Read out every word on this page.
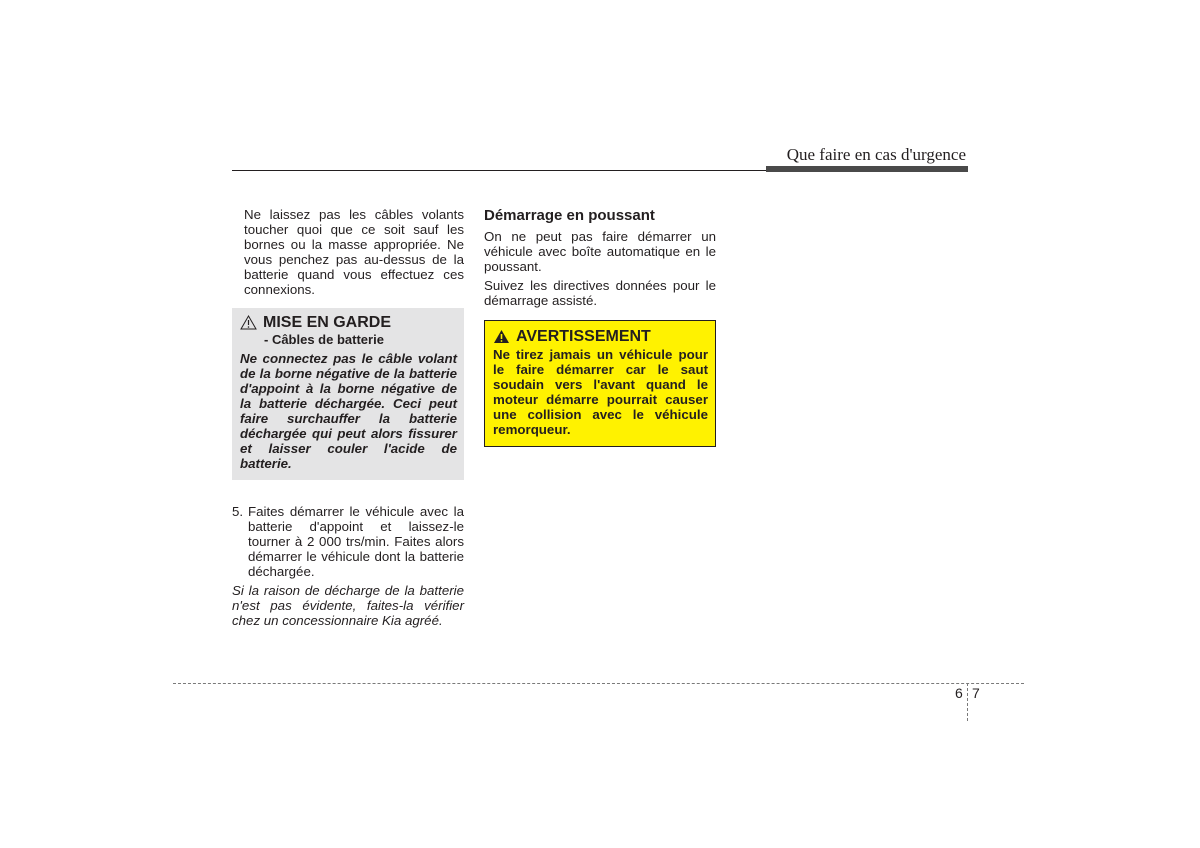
Que faire en cas d'urgence

Ne laissez pas les câbles volants toucher quoi que ce soit sauf les bornes ou la masse appropriée. Ne vous penchez pas au-dessus de la batterie quand vous effectuez ces connexions.

MISE EN GARDE
- Câbles de batterie

Ne connectez pas le câble volant de la borne négative de la batterie d'appoint à la borne négative de la batterie déchargée. Ceci peut faire surchauffer la batterie déchargée qui peut alors fissurer et laisser couler l'acide de batterie.

5. Faites démarrer le véhicule avec la batterie d'appoint et laissez-le tourner à 2 000 trs/min. Faites alors démarrer le véhicule dont la batterie déchargée.

Si la raison de décharge de la batterie n'est pas évidente, faites-la vérifier chez un concessionnaire Kia agréé.

Démarrage en poussant

On ne peut pas faire démarrer un véhicule avec boîte automatique en le poussant.

Suivez les directives données pour le démarrage assisté.

AVERTISSEMENT

Ne tirez jamais un véhicule pour le faire démarrer car le saut soudain vers l'avant quand le moteur démarre pourrait causer une collision avec le véhicule remorqueur.

6 7
